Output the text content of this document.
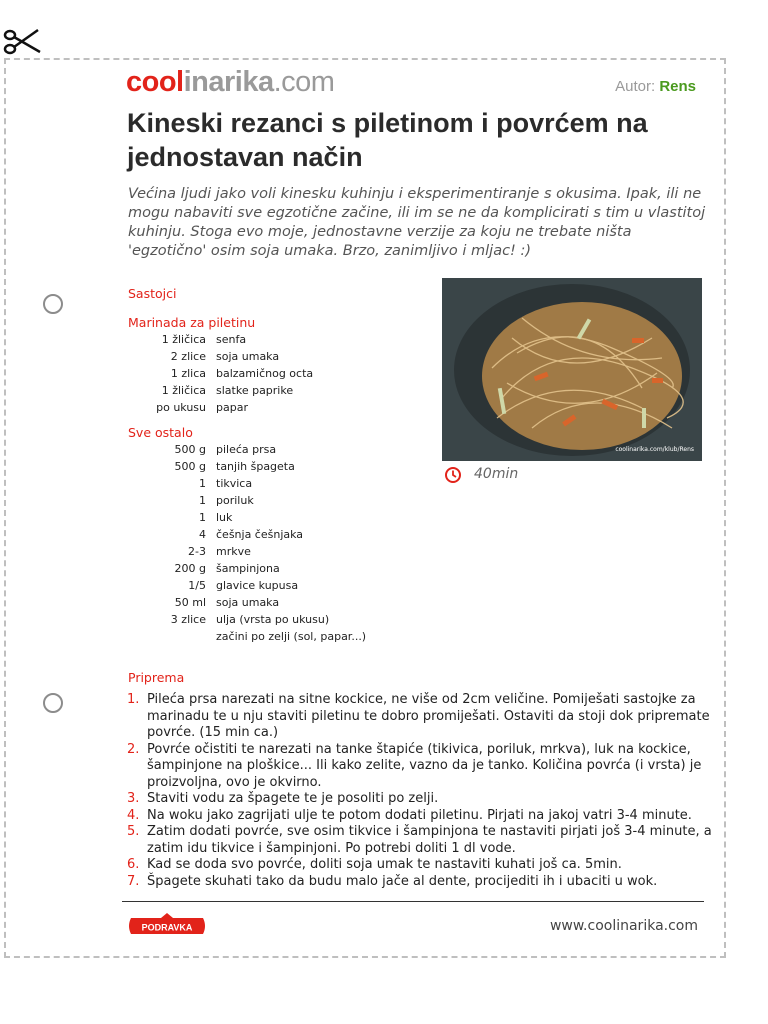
coolinarika.com	Autor: Rens
Kineski rezanci s piletinom i povrćem na jednostavan način

Većina ljudi jako voli kinesku kuhinju i eksperimentiranje s okusima. Ipak, ili ne mogu nabaviti sve egzotične začine, ili im se ne da komplicirati s tim u vlastitoj kuhinju. Stoga evo moje, jednostavne verzije za koju ne trebate ništa 'egzotično' osim soja umaka. Brzo, zanimljivo i mljac! :)

Sastojci
Marinada za piletinu
1 žličica senfa
2 zlice soja umaka
1 zlica balzamičnog octa
1 žličica slatke paprike
po ukusu papar
Sve ostalo
500 g pileća prsa
500 g tanjih špageta
1 tikvica
1 poriluk
1 luk
4 češnja češnjaka
2-3 mrkve
200 g šampinjona
1/5 glavice kupusa
50 ml soja umaka
3 zlice ulja (vrsta po ukusu)
začini po zelji (sol, papar...)
coolinarika.com/klub/Rens
40min
Priprema
1. Pileća prsa narezati na sitne kockice, ne više od 2cm veličine. Pomiješati sastojke za marinadu te u nju staviti piletinu te dobro promiješati. Ostaviti da stoji dok pripremate povrće. (15 min ca.)
2. Povrće očistiti te narezati na tanke štapiće (tikivica, poriluk, mrkva), luk na kockice, šampinjone na ploškice... Ili kako zelite, vazno da je tanko. Količina povrća (i vrsta) je proizvoljna, ovo je okvirno.
3. Staviti vodu za špagete te je posoliti po zelji.
4. Na woku jako zagrijati ulje te potom dodati piletinu. Pirjati na jakoj vatri 3-4 minute.
5. Zatim dodati povrće, sve osim tikvice i šampinjona te nastaviti pirjati još 3-4 minute, a zatim idu tikvice i šampinjoni. Po potrebi doliti 1 dl vode.
6. Kad se doda svo povrće, doliti soja umak te nastaviti kuhati još ca. 5min.
7. Špagete skuhati tako da budu malo jače al dente, procijediti ih i ubaciti u wok.
PODRAVKA	www.coolinarika.com
